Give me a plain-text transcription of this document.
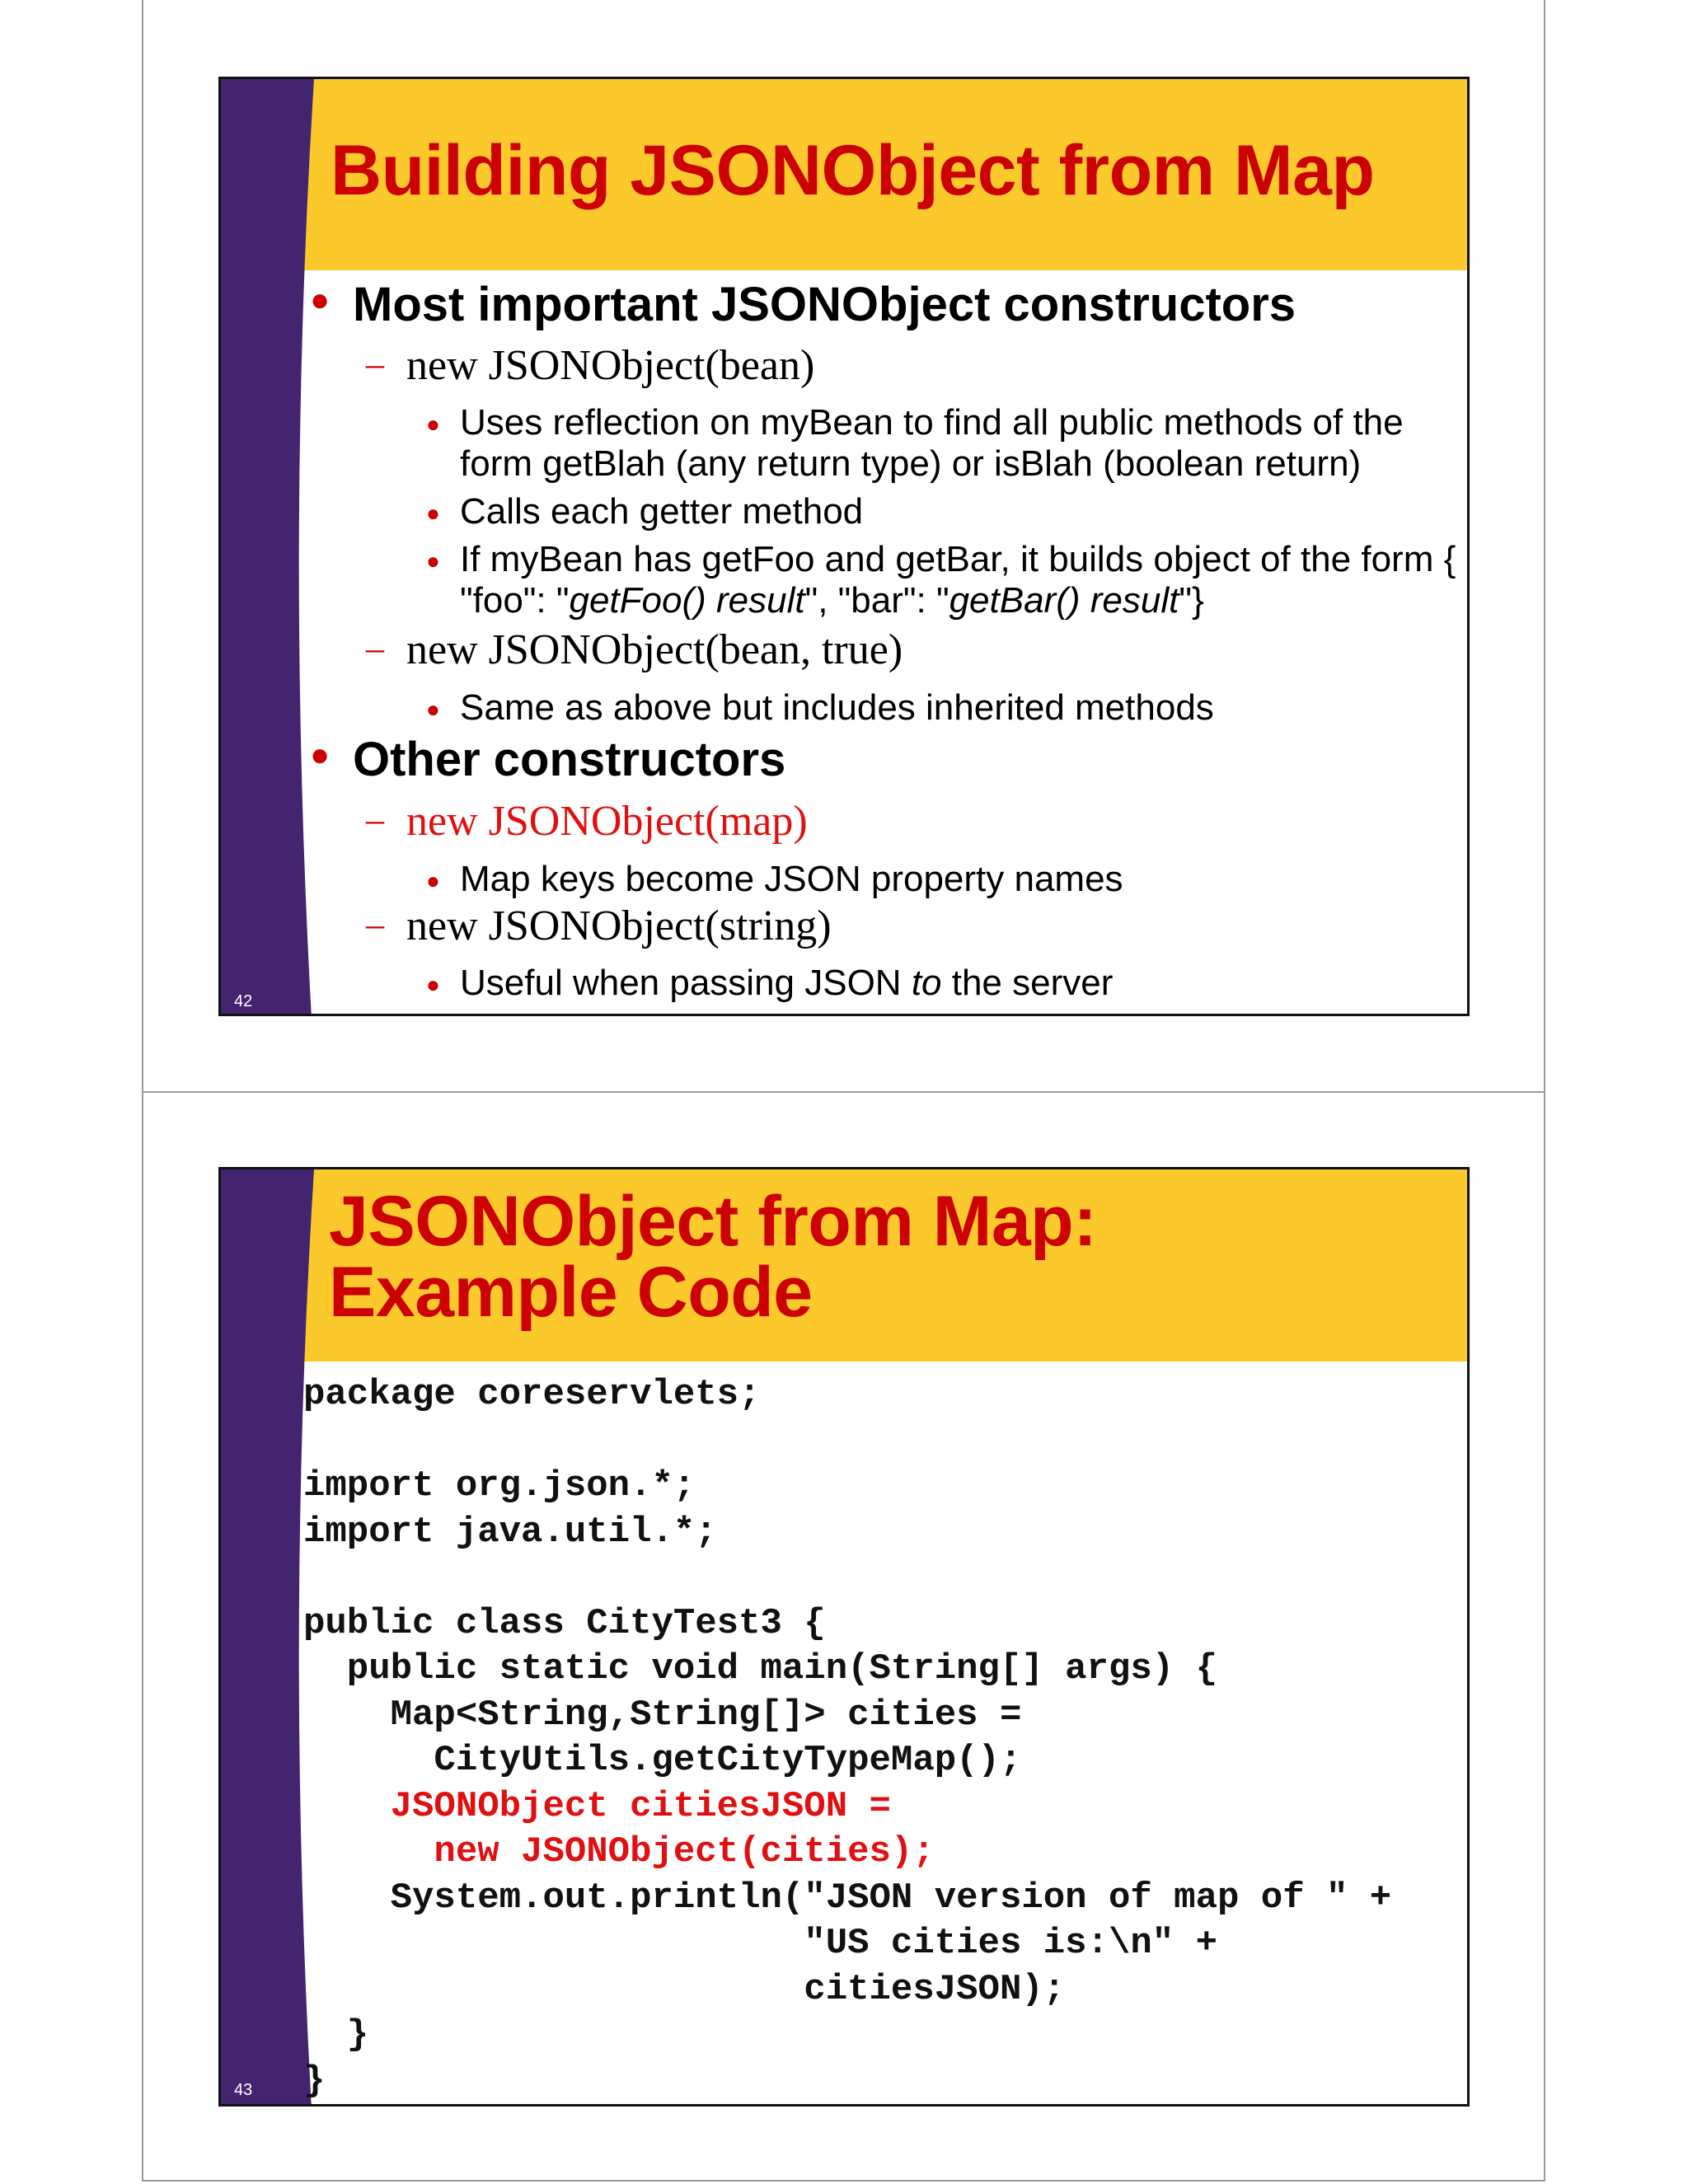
Building JSONObject from Map
● Most important JSONObject constructors
– new JSONObject(bean)
● Uses reflection on myBean to find all public methods of the form getBlah (any return type) or isBlah (boolean return)
● Calls each getter method
● If myBean has getFoo and getBar, it builds object of the form { "foo": "getFoo() result", "bar": "getBar() result"}
– new JSONObject(bean, true)
● Same as above but includes inherited methods
● Other constructors
– new JSONObject(map)
● Map keys become JSON property names
– new JSONObject(string)
● Useful when passing JSON to the server
42
JSONObject from Map:
Example Code
package coreservlets;

import org.json.*;
import java.util.*;

public class CityTest3 {
public static void main(String[] args) {
Map<String,String[]> cities =
CityUtils.getCityTypeMap();
JSONObject citiesJSON =
new JSONObject(cities);
System.out.println("JSON version of map of " +
"US cities is:\n" +
citiesJSON);
}
}
43
